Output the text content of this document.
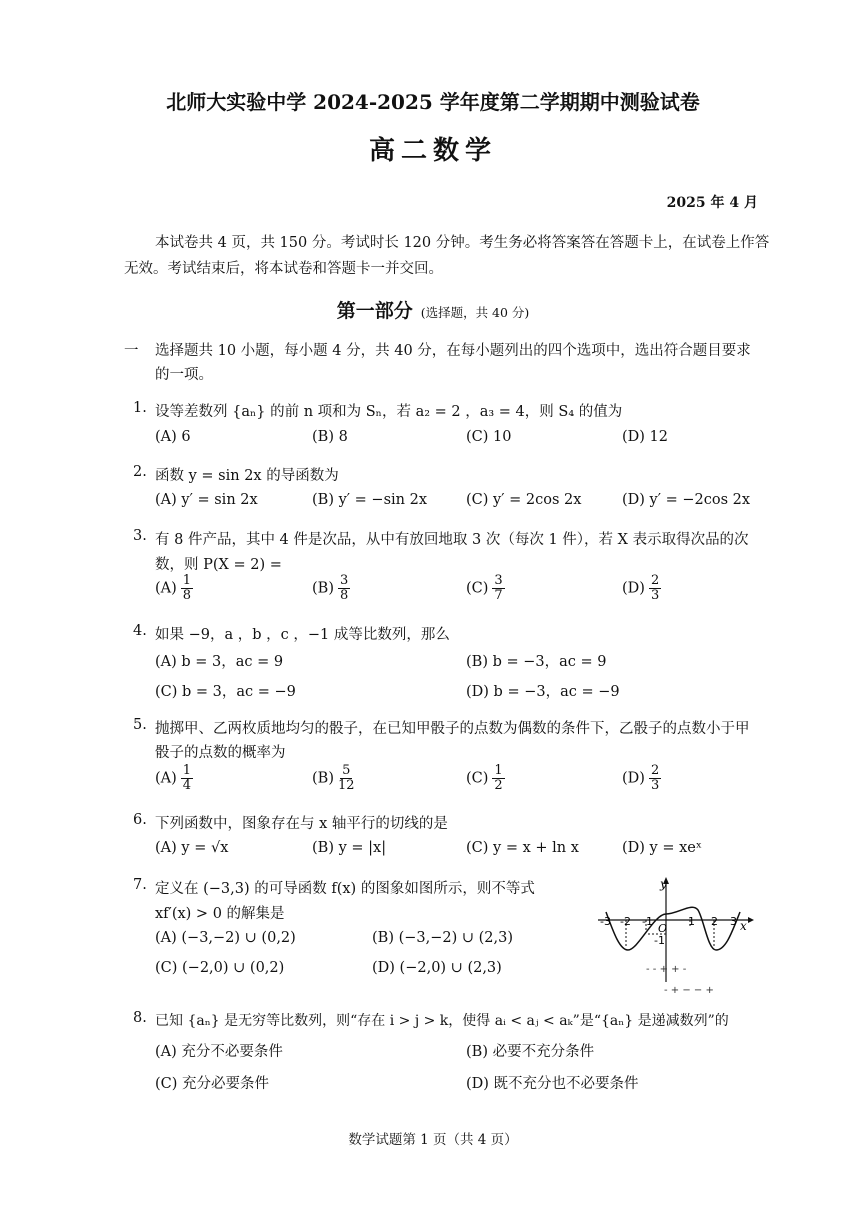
北师大实验中学 2024-2025 学年度第二学期期中测验试卷
高二数学
2025 年 4 月
本试卷共 4 页，共 150 分。考试时长 120 分钟。考生务必将答案答在答题卡上，在试卷上作答
无效。考试结束后，将本试卷和答题卡一并交回。
第一部分 (选择题，共 40 分)
一 选择题共 10 小题，每小题 4 分，共 40 分，在每小题列出的四个选项中，选出符合题目要求
的一项。
1. 设等差数列 {aₙ} 的前 n 项和为 Sₙ，若 a₂ = 2 ，a₃ = 4，则 S₄ 的值为
(A) 6	(B) 8	(C) 10	(D) 12
2. 函数 y = sin 2x 的导函数为
(A) y′ = sin 2x	(B) y′ = −sin 2x	(C) y′ = 2cos 2x	(D) y′ = −2cos 2x
3. 有 8 件产品，其中 4 件是次品，从中有放回地取 3 次（每次 1 件），若 X 表示取得次品的次
数，则 P(X = 2) =
$(A) \frac{1}{8}$	$(B) \frac{3}{8}$	$(C) \frac{3}{7}$	$(D) \frac{2}{3}$
4. 如果 −9，a ，b ，c ，−1 成等比数列，那么
(A) b = 3，ac = 9	(B) b = −3，ac = 9
(C) b = 3，ac = −9	(D) b = −3，ac = −9
5. 抛掷甲、乙两枚质地均匀的骰子，在已知甲骰子的点数为偶数的条件下，乙骰子的点数小于甲
骰子的点数的概率为
$(A) \frac{1}{4}$	$(B) \frac{5}{12}$	$(C) \frac{1}{2}$	$(D) \frac{2}{3}$
6. 下列函数中，图象存在与 x 轴平行的切线的是
(A) y = √x	(B) y = |x|	(C) y = x + ln x	(D) y = xeˣ
7. 定义在 (−3,3) 的可导函数 f(x) 的图象如图所示，则不等式
xf′(x) > 0 的解集是
(A) (−3,−2) ∪ (0,2)	(B) (−3,−2) ∪ (2,3)
(C) (−2,0) ∪ (0,2)	(D) (−2,0) ∪ (2,3)
y
x
O
-3 -2 -1	1 2 3
-1
- - + + -
- + − − +
8. 已知 {aₙ} 是无穷等比数列，则“存在 i > j > k，使得 aᵢ < aⱼ < aₖ”是“{aₙ} 是递减数列”的
(A) 充分不必要条件	(B) 必要不充分条件
(C) 充分必要条件	(D) 既不充分也不必要条件
数学试题第 1 页（共 4 页）
